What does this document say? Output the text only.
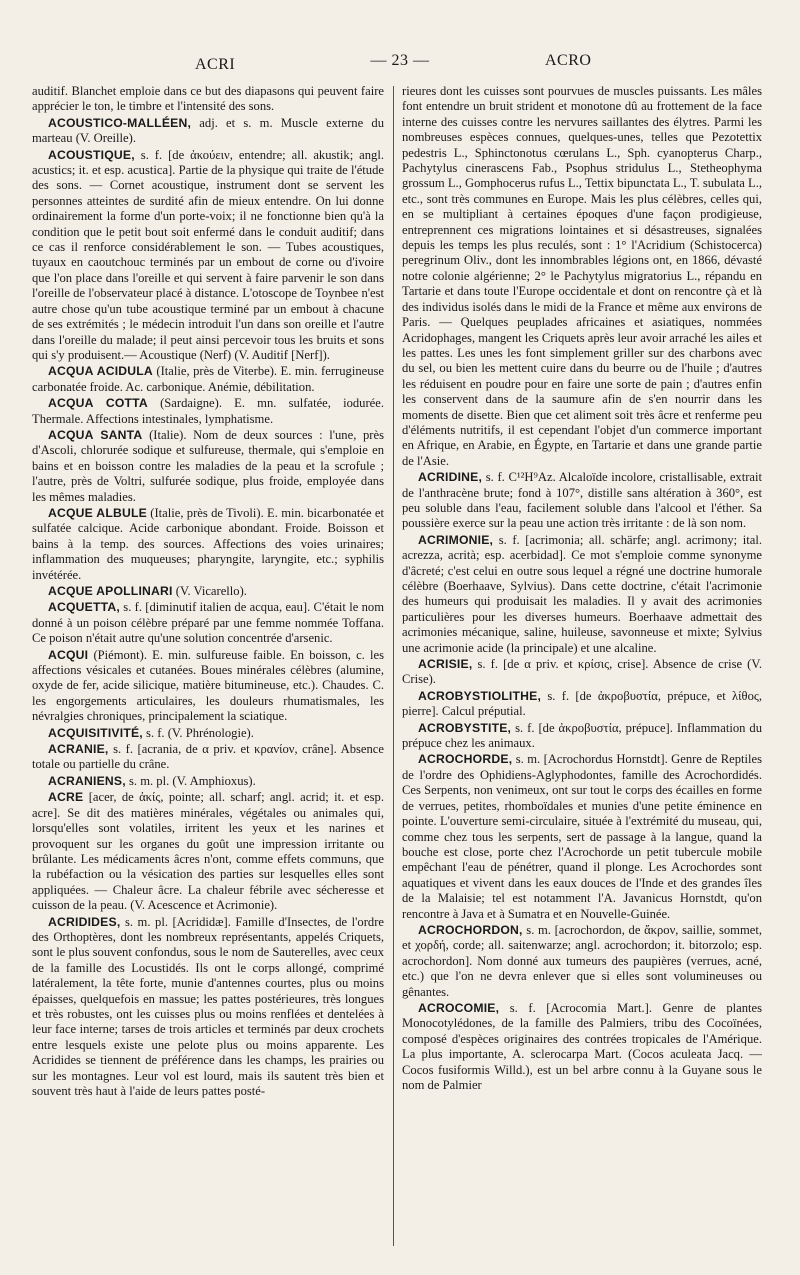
ACRI	— 23 —	ACRO

auditif. Blanchet emploie dans ce but des diapasons qui peuvent faire apprécier le ton, le timbre et l'intensité des sons.

ACOUSTICO-MALLÉEN, adj. et s. m. Muscle externe du marteau (V. Oreille).

ACOUSTIQUE, s. f. [de ἀκούειν, entendre; all. akustik; angl. acustics; it. et esp. acustica]. Partie de la physique qui traite de l'étude des sons. — Cornet acoustique, instrument dont se servent les personnes atteintes de surdité afin de mieux entendre. On lui donne ordinairement la forme d'un porte-voix; il ne fonctionne bien qu'à la condition que le petit bout soit enfermé dans le conduit auditif; dans ce cas il renforce considérablement le son. — Tubes acoustiques, tuyaux en caoutchouc terminés par un embout de corne ou d'ivoire que l'on place dans l'oreille et qui servent à faire parvenir le son dans l'oreille de l'observateur placé à distance. L'otoscope de Toynbee n'est autre chose qu'un tube acoustique terminé par un embout à chacune de ses extrémités ; le médecin introduit l'un dans son oreille et l'autre dans l'oreille du malade; il peut ainsi percevoir tous les bruits et sons qui s'y produisent.— Acoustique (Nerf) (V. Auditif [Nerf]).

ACQUA ACIDULA (Italie, près de Viterbe). E. min. ferrugineuse carbonatée froide. Ac. carbonique. Anémie, débilitation.

ACQUA COTTA (Sardaigne). E. mn. sulfatée, iodurée. Thermale. Affections intestinales, lymphatisme.

ACQUA SANTA (Italie). Nom de deux sources : l'une, près d'Ascoli, chlorurée sodique et sulfureuse, thermale, qui s'emploie en bains et en boisson contre les maladies de la peau et la scrofule ; l'autre, près de Voltri, sulfurée sodique, plus froide, employée dans les mêmes maladies.

ACQUE ALBULE (Italie, près de Tivoli). E. min. bicarbonatée et sulfatée calcique. Acide carbonique abondant. Froide. Boisson et bains à la temp. des sources. Affections des voies urinaires; inflammation des muqueuses; pharyngite, laryngite, etc.; syphilis invétérée.

ACQUE APOLLINARI (V. Vicarello).

ACQUETTA, s. f. [diminutif italien de acqua, eau]. C'était le nom donné à un poison célèbre préparé par une femme nommée Toffana. Ce poison n'était autre qu'une solution concentrée d'arsenic.

ACQUI (Piémont). E. min. sulfureuse faible. En boisson, c. les affections vésicales et cutanées. Boues minérales célèbres (alumine, oxyde de fer, acide silicique, matière bitumineuse, etc.). Chaudes. C. les engorgements articulaires, les douleurs rhumatismales, les névralgies chroniques, principalement la sciatique.

ACQUISITIVITÉ, s. f. (V. Phrénologie).

ACRANIE, s. f. [acrania, de α priv. et κρανίον, crâne]. Absence totale ou partielle du crâne.

ACRANIENS, s. m. pl. (V. Amphioxus).

ACRE [acer, de ἀκίς, pointe; all. scharf; angl. acrid; it. et esp. acre]. Se dit des matières minérales, végétales ou animales qui, lorsqu'elles sont volatiles, irritent les yeux et les narines et provoquent sur les organes du goût une impression irritante ou brûlante. Les médicaments âcres n'ont, comme effets communs, que la rubéfaction ou la vésication des parties sur lesquelles elles sont appliquées. — Chaleur âcre. La chaleur fébrile avec sécheresse et cuisson de la peau. (V. Acescence et Acrimonie).

ACRIDIDES, s. m. pl. [Acrididæ]. Famille d'Insectes, de l'ordre des Orthoptères, dont les nombreux représentants, appelés Criquets, sont le plus souvent confondus, sous le nom de Sauterelles, avec ceux de la famille des Locustidés. Ils ont le corps allongé, comprimé latéralement, la tête forte, munie d'antennes courtes, plus ou moins épaisses, quelquefois en massue; les pattes postérieures, très longues et très robustes, ont les cuisses plus ou moins renflées et dentelées à leur face interne; tarses de trois articles et terminés par deux crochets entre lesquels existe une pelote plus ou moins apparente. Les Acridides se tiennent de préférence dans les champs, les prairies ou sur les montagnes. Leur vol est lourd, mais ils sautent très bien et souvent très haut à l'aide de leurs pattes posté-

rieures dont les cuisses sont pourvues de muscles puissants. Les mâles font entendre un bruit strident et monotone dû au frottement de la face interne des cuisses contre les nervures saillantes des élytres. Parmi les nombreuses espèces connues, quelques-unes, telles que Pezotettix pedestris L., Sphinctonotus cœrulans L., Sph. cyanopterus Charp., Pachytylus cinerascens Fab., Psophus stridulus L., Stetheophyma grossum L., Gomphocerus rufus L., Tettix bipunctata L., T. subulata L., etc., sont très communes en Europe. Mais les plus célèbres, celles qui, en se multipliant à certaines époques d'une façon prodigieuse, entreprennent ces migrations lointaines et si désastreuses, signalées depuis les temps les plus reculés, sont : 1° l'Acridium (Schistocerca) peregrinum Oliv., dont les innombrables légions ont, en 1866, dévasté notre colonie algérienne; 2° le Pachytylus migratorius L., répandu en Tartarie et dans toute l'Europe occidentale et dont on rencontre çà et là des individus isolés dans le midi de la France et même aux environs de Paris. — Quelques peuplades africaines et asiatiques, nommées Acridophages, mangent les Criquets après leur avoir arraché les ailes et les pattes. Les unes les font simplement griller sur des charbons avec du sel, ou bien les mettent cuire dans du beurre ou de l'huile ; d'autres les réduisent en poudre pour en faire une sorte de pain ; d'autres enfin les conservent dans de la saumure afin de s'en nourrir dans les moments de disette. Bien que cet aliment soit très âcre et renferme peu d'éléments nutritifs, il est cependant l'objet d'un commerce important en Afrique, en Arabie, en Égypte, en Tartarie et dans une grande partie de l'Asie.

ACRIDINE, s. f. C¹²H⁹Az. Alcaloïde incolore, cristallisable, extrait de l'anthracène brute; fond à 107°, distille sans altération à 360°, est peu soluble dans l'eau, facilement soluble dans l'alcool et l'éther. Sa poussière exerce sur la peau une action très irritante : de là son nom.

ACRIMONIE, s. f. [acrimonia; all. schärfe; angl. acrimony; ital. acrezza, acrità; esp. acerbidad]. Ce mot s'emploie comme synonyme d'âcreté; c'est celui en outre sous lequel a régné une doctrine humorale célèbre (Boerhaave, Sylvius). Dans cette doctrine, c'était l'acrimonie des humeurs qui produisait les maladies. Il y avait des acrimonies particulières pour les diverses humeurs. Boerhaave admettait des acrimonies mécanique, saline, huileuse, savonneuse et mixte; Sylvius une acrimonie acide (la principale) et une alcaline.

ACRISIE, s. f. [de α priv. et κρίσις, crise]. Absence de crise (V. Crise).

ACROBYSTIOLITHE, s. f. [de ἀκροβυστία, prépuce, et λίθος, pierre]. Calcul préputial.

ACROBYSTITE, s. f. [de ἀκροβυστία, prépuce]. Inflammation du prépuce chez les animaux.

ACROCHORDE, s. m. [Acrochordus Hornstdt]. Genre de Reptiles de l'ordre des Ophidiens-Aglyphodontes, famille des Acrochordidés. Ces Serpents, non venimeux, ont sur tout le corps des écailles en forme de verrues, petites, rhomboïdales et munies d'une petite éminence en pointe. L'ouverture semi-circulaire, située à l'extrémité du museau, qui, comme chez tous les serpents, sert de passage à la langue, quand la bouche est close, porte chez l'Acrochorde un petit tubercule mobile empêchant l'eau de pénétrer, quand il plonge. Les Acrochordes sont aquatiques et vivent dans les eaux douces de l'Inde et des grandes îles de la Malaisie; tel est notamment l'A. Javanicus Hornstdt, qu'on rencontre à Java et à Sumatra et en Nouvelle-Guinée.

ACROCHORDON, s. m. [acrochordon, de ἄκρον, saillie, sommet, et χορδή, corde; all. saitenwarze; angl. acrochordon; it. bitorzolo; esp. acrochordon]. Nom donné aux tumeurs des paupières (verrues, acné, etc.) que l'on ne devra enlever que si elles sont volumineuses ou gênantes.

ACROCOMIE, s. f. [Acrocomia Mart.]. Genre de plantes Monocotylédones, de la famille des Palmiers, tribu des Cocoïnées, composé d'espèces originaires des contrées tropicales de l'Amérique. La plus importante, A. sclerocarpa Mart. (Cocos aculeata Jacq. — Cocos fusiformis Willd.), est un bel arbre connu à la Guyane sous le nom de Palmier
